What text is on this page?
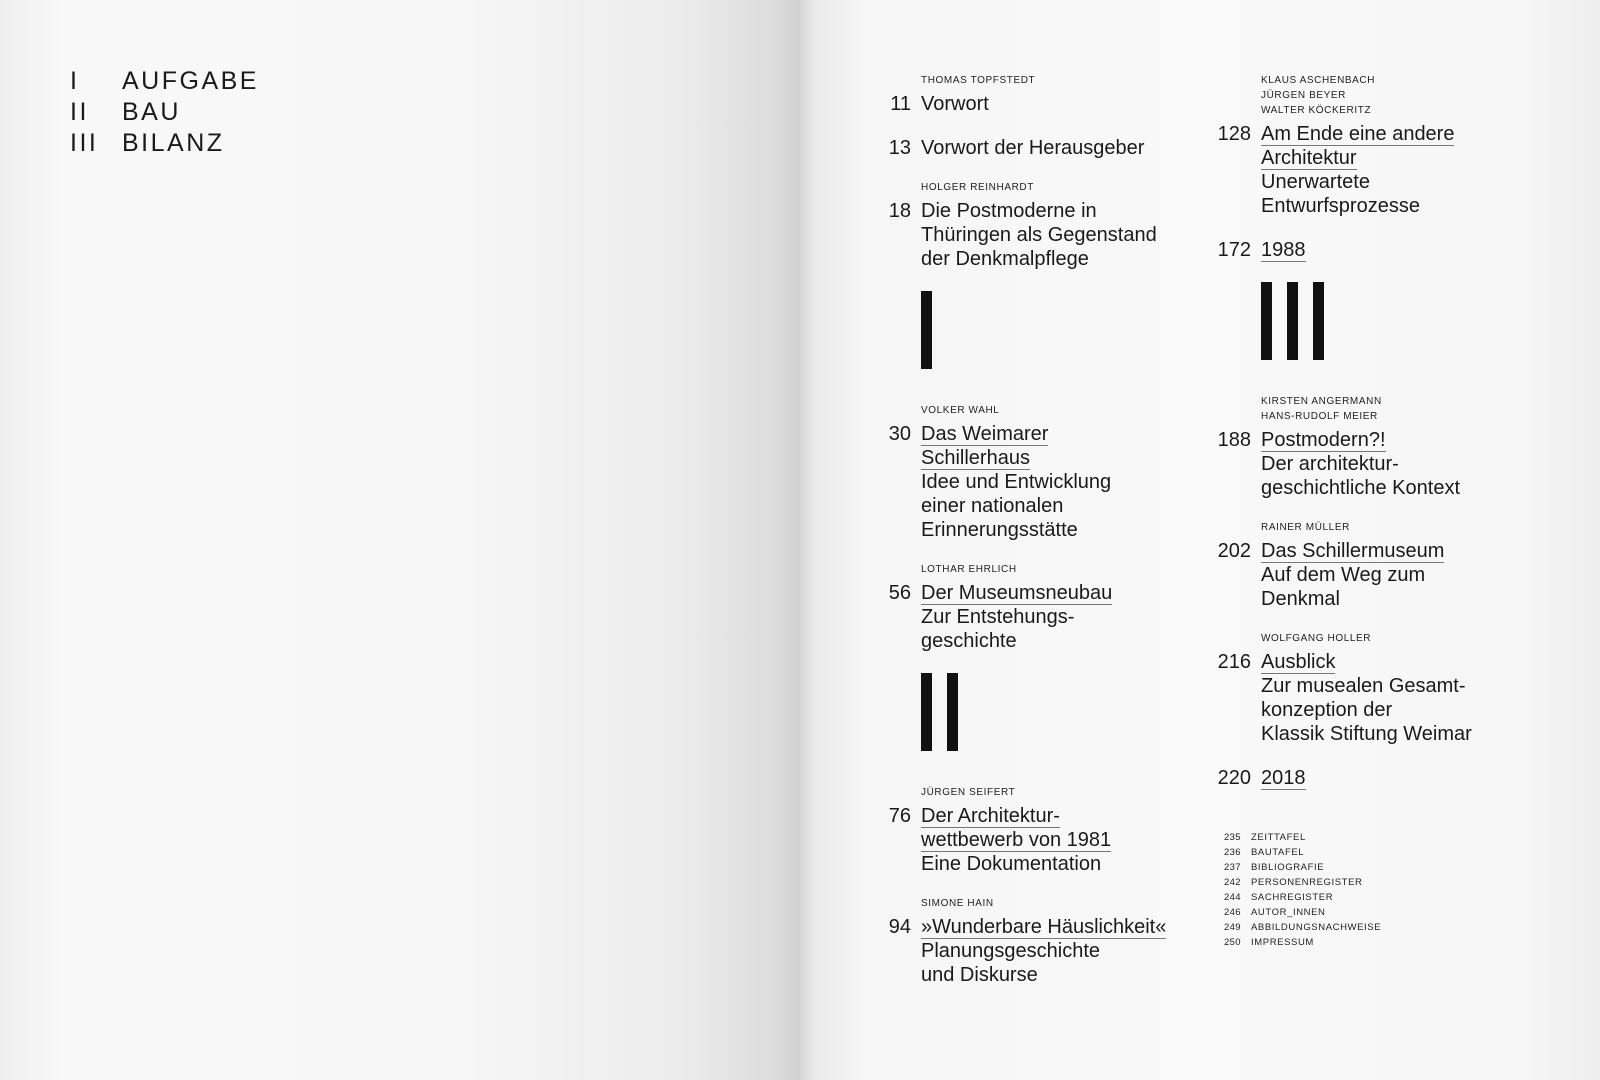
I	AUFGABE
II	BAU
III BILANZ
THOMAS TOPFSTEDT
11 Vorwort
13 Vorwort der Herausgeber
HOLGER REINHARDT
18 Die Postmoderne in
Thüringen als Gegenstand
der Denkmalpflege
VOLKER WAHL
30 Das Weimarer
Schillerhaus
Idee und Entwicklung
einer nationalen
Erinnerungsstätte
LOTHAR EHRLICH
56 Der Museumsneubau
Zur Entstehungs-
geschichte
JÜRGEN SEIFERT
76 Der Architektur-
wettbewerb von 1981
Eine Dokumentation
SIMONE HAIN
94 »Wunderbare Häuslichkeit«
Planungsgeschichte
und Diskurse
KLAUS ASCHENBACH
JÜRGEN BEYER
WALTER KÖCKERITZ
128 Am Ende eine andere
Architektur
Unerwartete
Entwurfsprozesse
172 1988
KIRSTEN ANGERMANN
HANS-RUDOLF MEIER
188 Postmodern?!
Der architektur-
geschichtliche Kontext
RAINER MÜLLER
202 Das Schillermuseum
Auf dem Weg zum
Denkmal
WOLFGANG HOLLER
216 Ausblick
Zur musealen Gesamt-
konzeption der
Klassik Stiftung Weimar
220 2018
235	ZEITTAFEL
236	BAUTAFEL
237	BIBLIOGRAFIE
242	PERSONENREGISTER
244	SACHREGISTER
246	AUTOR_INNEN
249	ABBILDUNGSNACHWEISE
250	IMPRESSUM
